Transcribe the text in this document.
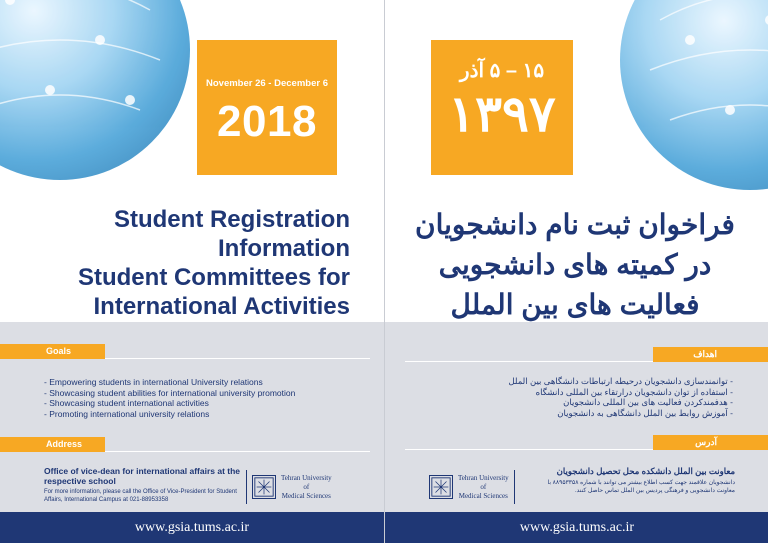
November 26 - December 6
2018
Student Registration
Information
Student Committees for
International Activities
Goals
Address
- Empowering students in international University relations
- Showcasing student abilities for international university promotion
- Showcasing student international activities
- Promoting international university relations
Office of vice-dean for international affairs at the respective school
For more information, please call the Office of Vice-President for Student Affairs, International Campus at 021-88953358
Tehran University
of
Medical Sciences
www.gsia.tums.ac.ir
۱۵ – ۵ آذر
۱۳۹۷
فراخوان ثبت نام دانشجویان
در کمیته های دانشجویی
فعالیت های بین الملل
اهداف
آدرس
- توانمندسازی دانشجویان درحیطه ارتباطات دانشگاهی بین الملل
- استفاده از توان دانشجویان درارتقاء بین المللی دانشگاه
- هدفمندکردن فعالیت های بین المللی دانشجویان
- آموزش روابط بین الملل دانشگاهی به دانشجویان
معاونت بین الملل دانشکده محل تحصیل دانشجویان
دانشجویان علاقمند جهت کسب اطلاع بیشتر می توانند با شماره ۸۸۹۵۳۳۵۸ با معاونت دانشجویی و فرهنگی پردیس بین الملل تماس حاصل کنند.
Tehran University
of
Medical Sciences
www.gsia.tums.ac.ir
